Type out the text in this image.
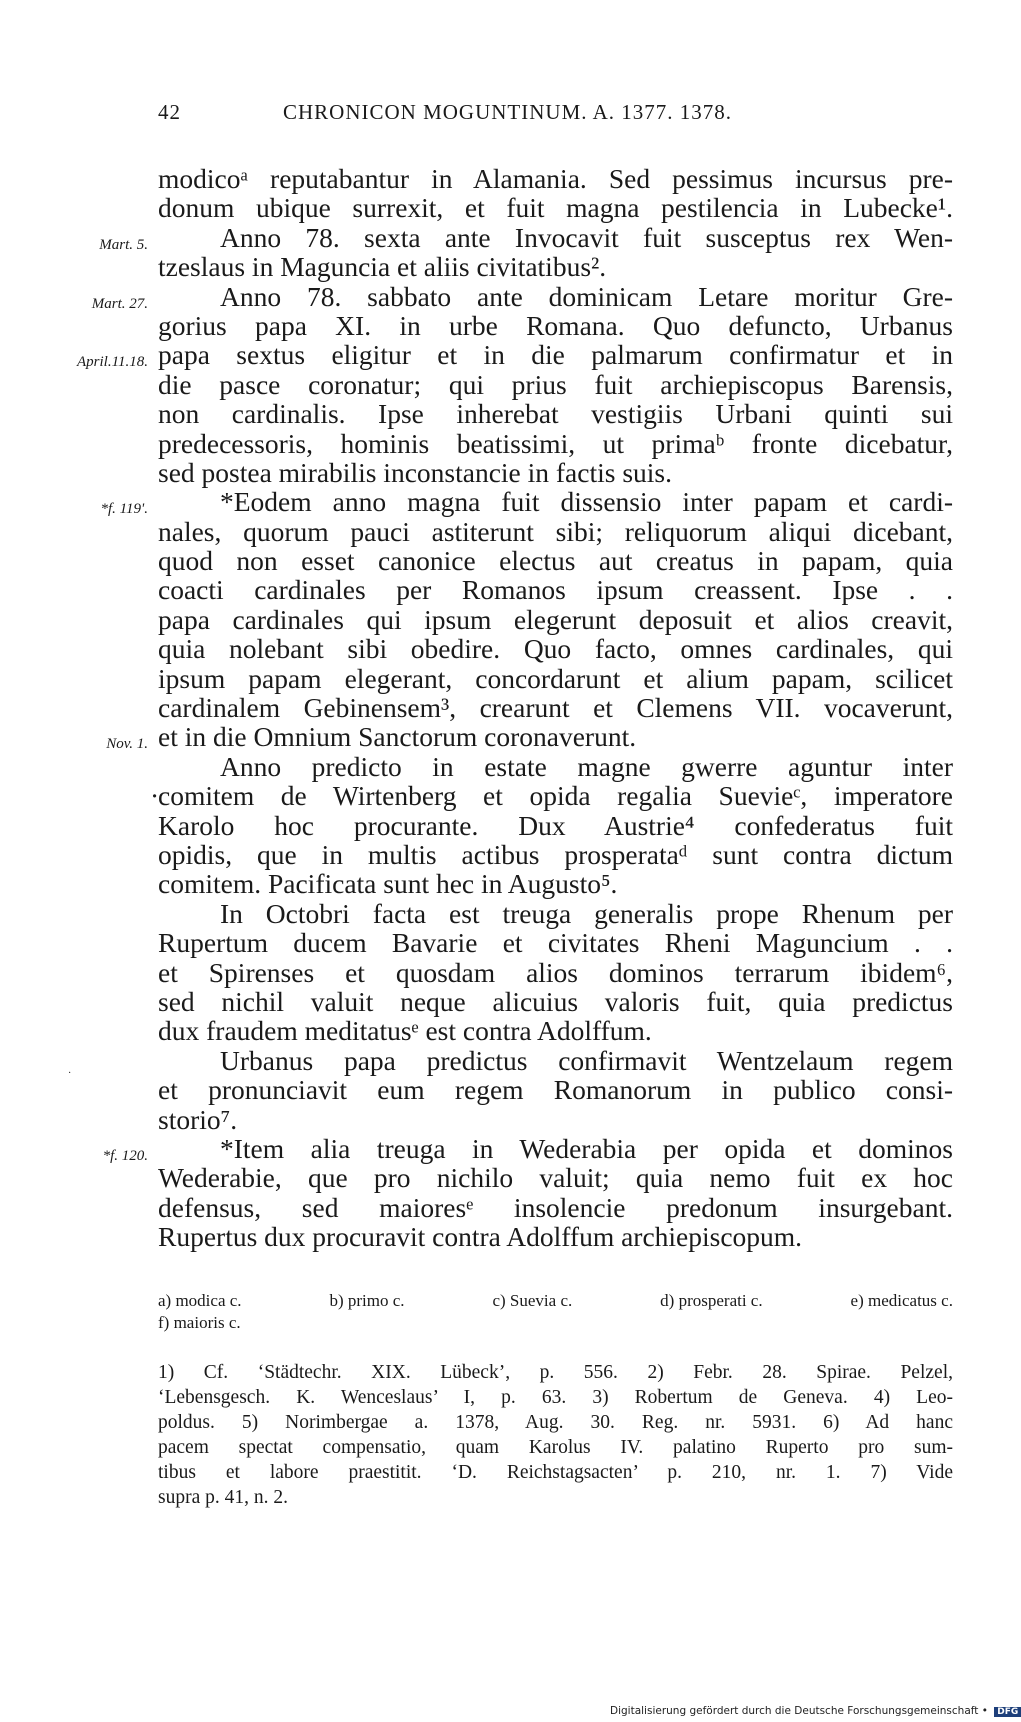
42	CHRONICON MOGUNTINUM. A. 1377. 1378.
·
modicoᵃ reputabantur in Alamania. Sed pessimus incursus pre-
donum ubique surrexit, et fuit magna pestilencia in Lubecke¹.
Mart. 5.	Anno 78. sexta ante Invocavit fuit susceptus rex Wen-
tzeslaus in Maguncia et aliis civitatibus².
Mart. 27.	Anno 78. sabbato ante dominicam Letare moritur Gre-
gorius papa XI. in urbe Romana. Quo defuncto, Urbanus
April.11.18. papa sextus eligitur et in die palmarum confirmatur et in
die pasce coronatur; qui prius fuit archiepiscopus Barensis,
non cardinalis. Ipse inherebat vestigiis Urbani quinti sui
predecessoris, hominis beatissimi, ut primaᵇ fronte dicebatur,
sed postea mirabilis inconstancie in factis suis.
*f. 119'.	*Eodem anno magna fuit dissensio inter papam et cardi-
nales, quorum pauci astiterunt sibi; reliquorum aliqui dicebant,
quod non esset canonice electus aut creatus in papam, quia
coacti cardinales per Romanos ipsum creassent. Ipse . .
papa cardinales qui ipsum elegerunt deposuit et alios creavit,
quia nolebant sibi obedire. Quo facto, omnes cardinales, qui
ipsum papam elegerant, concordarunt et alium papam, scilicet
cardinalem Gebinensem³, crearunt et Clemens VII. vocaverunt,
Nov. 1. et in die Omnium Sanctorum coronaverunt.
Anno predicto in estate magne gwerre aguntur inter
·
comitem de Wirtenberg et opida regalia Suevieᶜ, imperatore
Karolo hoc procurante. Dux Austrie⁴ confederatus fuit
opidis, que in multis actibus prosperataᵈ sunt contra dictum
comitem. Pacificata sunt hec in Augusto⁵.
In Octobri facta est treuga generalis prope Rhenum per
Rupertum ducem Bavarie et civitates Rheni Maguncium . .
et Spirenses et quosdam alios dominos terrarum ibidem⁶,
sed nichil valuit neque alicuius valoris fuit, quia predictus
dux fraudem meditatusᵉ est contra Adolffum.
Urbanus papa predictus confirmavit Wentzelaum regem
et pronunciavit eum regem Romanorum in publico consi-
storio⁷.
*f. 120.	*Item alia treuga in Wederabia per opida et dominos
Wederabie, que pro nichilo valuit; quia nemo fuit ex hoc
defensus, sed maioresᵉ insolencie predonum insurgebant.
Rupertus dux procuravit contra Adolffum archiepiscopum.
a) modica c.	b) primo c.	c) Suevia c.	d) prosperati c.	e) medicatus c.
f) maioris c.
1) Cf. ‘Städtechr. XIX. Lübeck’, p. 556. 2) Febr. 28. Spirae. Pelzel,
‘Lebensgesch. K. Wenceslaus’ I, p. 63. 3) Robertum de Geneva. 4) Leo-
poldus. 5) Norimbergae a. 1378, Aug. 30. Reg. nr. 5931. 6) Ad hanc
pacem spectat compensatio, quam Karolus IV. palatino Ruperto pro sum-
tibus et labore praestitit. ‘D. Reichstagsacten’ p. 210, nr. 1. 7) Vide
supra p. 41, n. 2.
Digitalisierung gefördert durch die Deutsche Forschungsgemeinschaft • DFG
